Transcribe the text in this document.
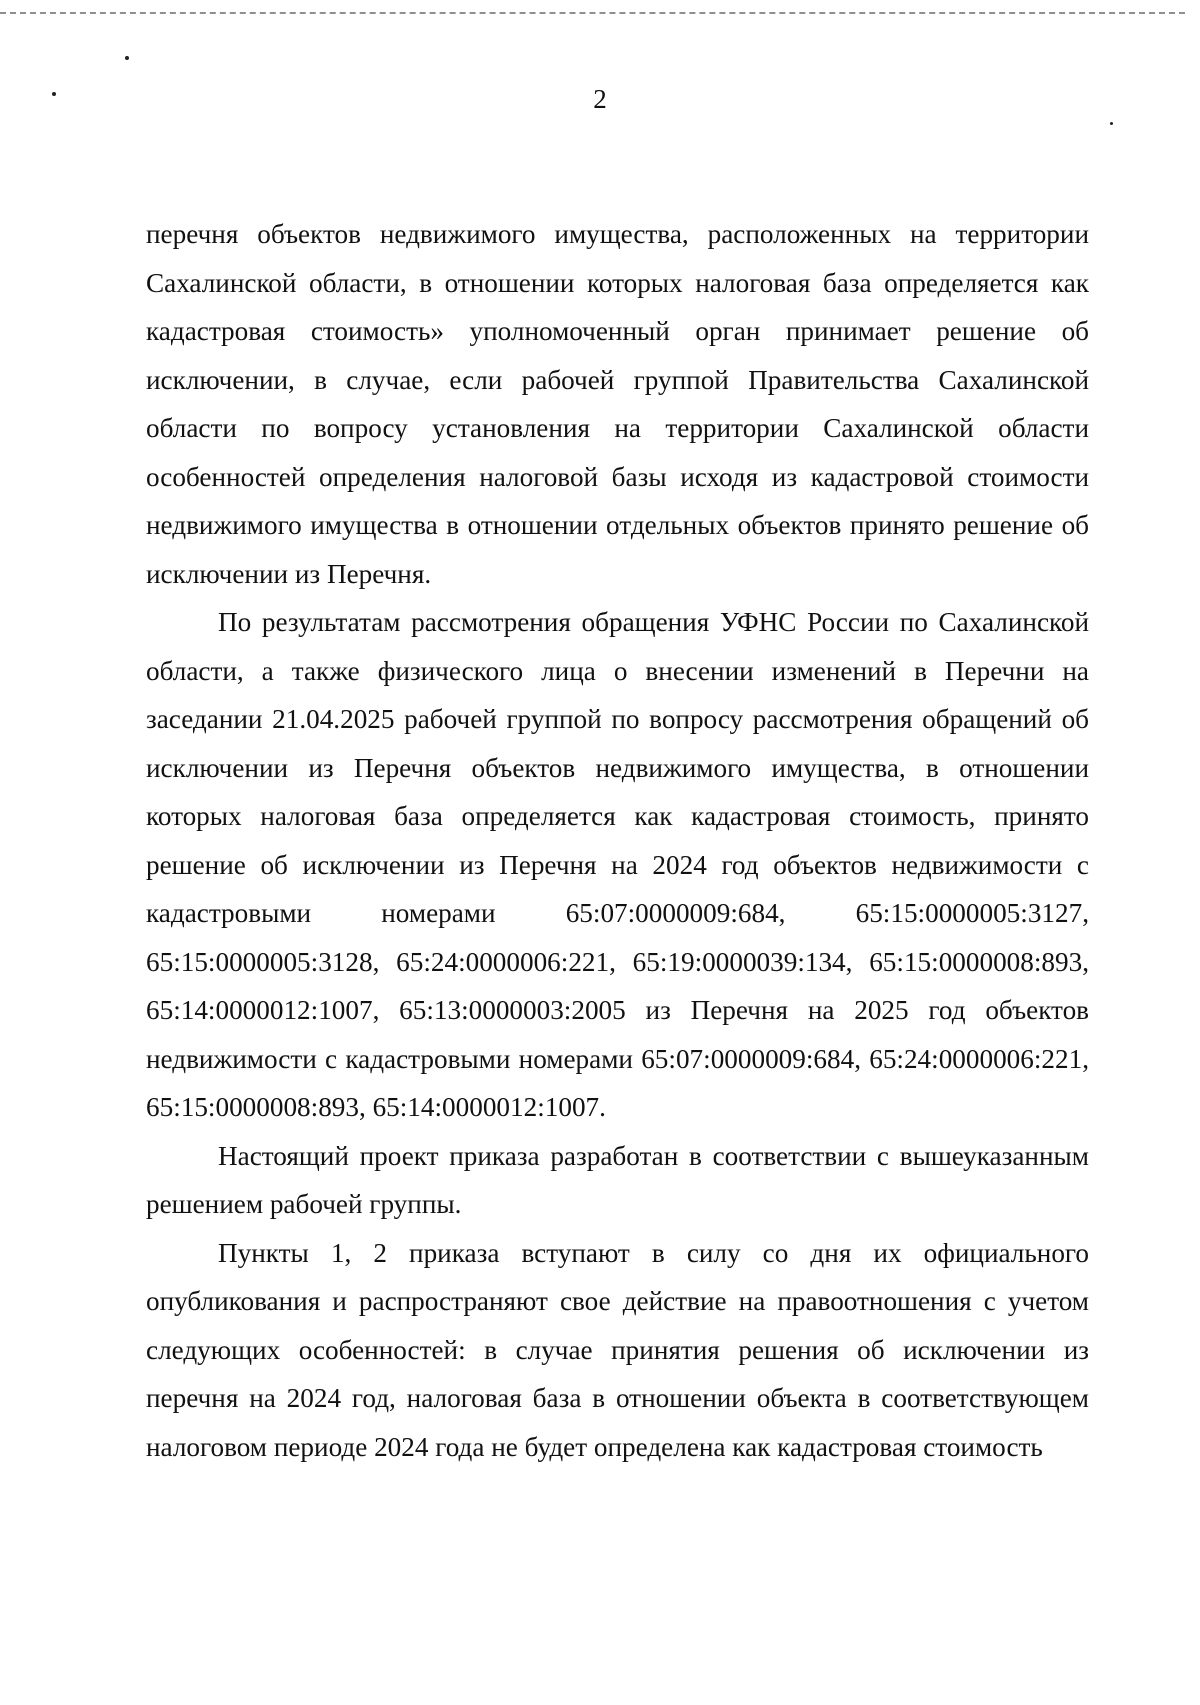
2

перечня объектов недвижимого имущества, расположенных на территории Сахалинской области, в отношении которых налоговая база определяется как кадастровая стоимость» уполномоченный орган принимает решение об исключении, в случае, если рабочей группой Правительства Сахалинской области по вопросу установления на территории Сахалинской области особенностей определения налоговой базы исходя из кадастровой стоимости недвижимого имущества в отношении отдельных объектов принято решение об исключении из Перечня.

По результатам рассмотрения обращения УФНС России по Сахалинской области, а также физического лица о внесении изменений в Перечни на заседании 21.04.2025 рабочей группой по вопросу рассмотрения обращений об исключении из Перечня объектов недвижимого имущества, в отношении которых налоговая база определяется как кадастровая стоимость, принято решение об исключении из Перечня на 2024 год объектов недвижимости с кадастровыми номерами 65:07:0000009:684, 65:15:0000005:3127, 65:15:0000005:3128, 65:24:0000006:221, 65:19:0000039:134, 65:15:0000008:893, 65:14:0000012:1007, 65:13:0000003:2005 из Перечня на 2025 год объектов недвижимости с кадастровыми номерами 65:07:0000009:684, 65:24:0000006:221, 65:15:0000008:893, 65:14:0000012:1007.

Настоящий проект приказа разработан в соответствии с вышеуказанным решением рабочей группы.

Пункты 1, 2 приказа вступают в силу со дня их официального опубликования и распространяют свое действие на правоотношения с учетом следующих особенностей: в случае принятия решения об исключении из перечня на 2024 год, налоговая база в отношении объекта в соответствующем налоговом периоде 2024 года не будет определена как кадастровая стоимость
